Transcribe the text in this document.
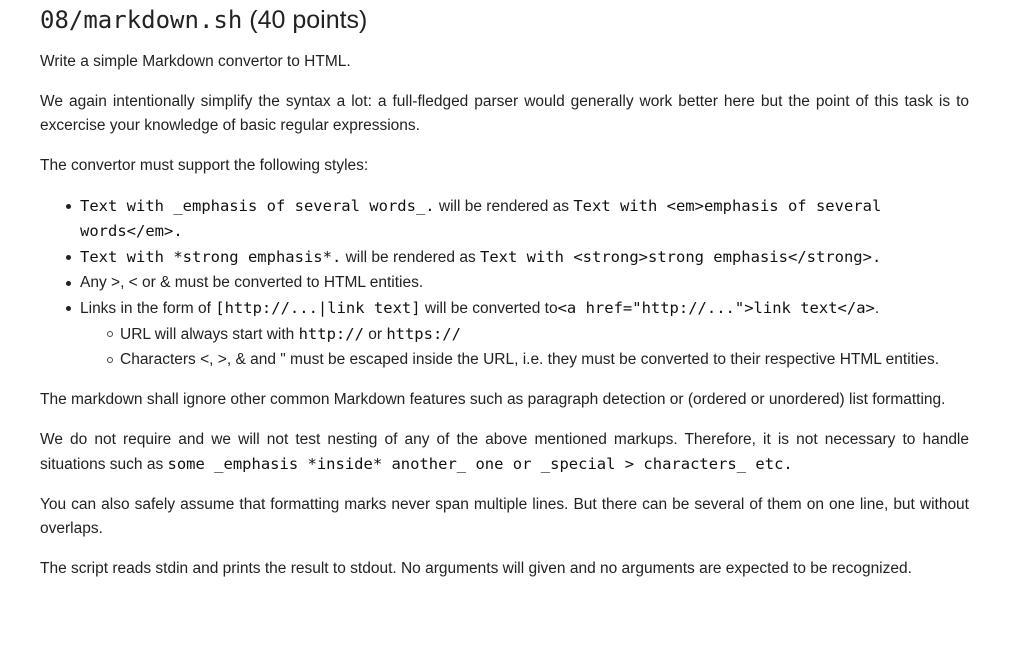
08/markdown.sh (40 points)

Write a simple Markdown convertor to HTML.

We again intentionally simplify the syntax a lot: a full-fledged parser would generally work better here but the point of this task is to excercise your knowledge of basic regular expressions.

The convertor must support the following styles:

Text with _emphasis of several words_. will be rendered as Text with <em>emphasis of several words</em>.
Text with *strong emphasis*. will be rendered as Text with <strong>strong emphasis</strong>.
Any >, < or & must be converted to HTML entities.
Links in the form of [http://...|link text] will be converted to<a href="http://...">link text</a>.
URL will always start with http:// or https://
Characters <, >, & and " must be escaped inside the URL, i.e. they must be converted to their respective HTML entities.

The markdown shall ignore other common Markdown features such as paragraph detection or (ordered or unordered) list formatting.

We do not require and we will not test nesting of any of the above mentioned markups. Therefore, it is not necessary to handle situations such as some _emphasis *inside* another_ one or _special > characters_ etc.

You can also safely assume that formatting marks never span multiple lines. But there can be several of them on one line, but without overlaps.

The script reads stdin and prints the result to stdout. No arguments will given and no arguments are expected to be recognized.
